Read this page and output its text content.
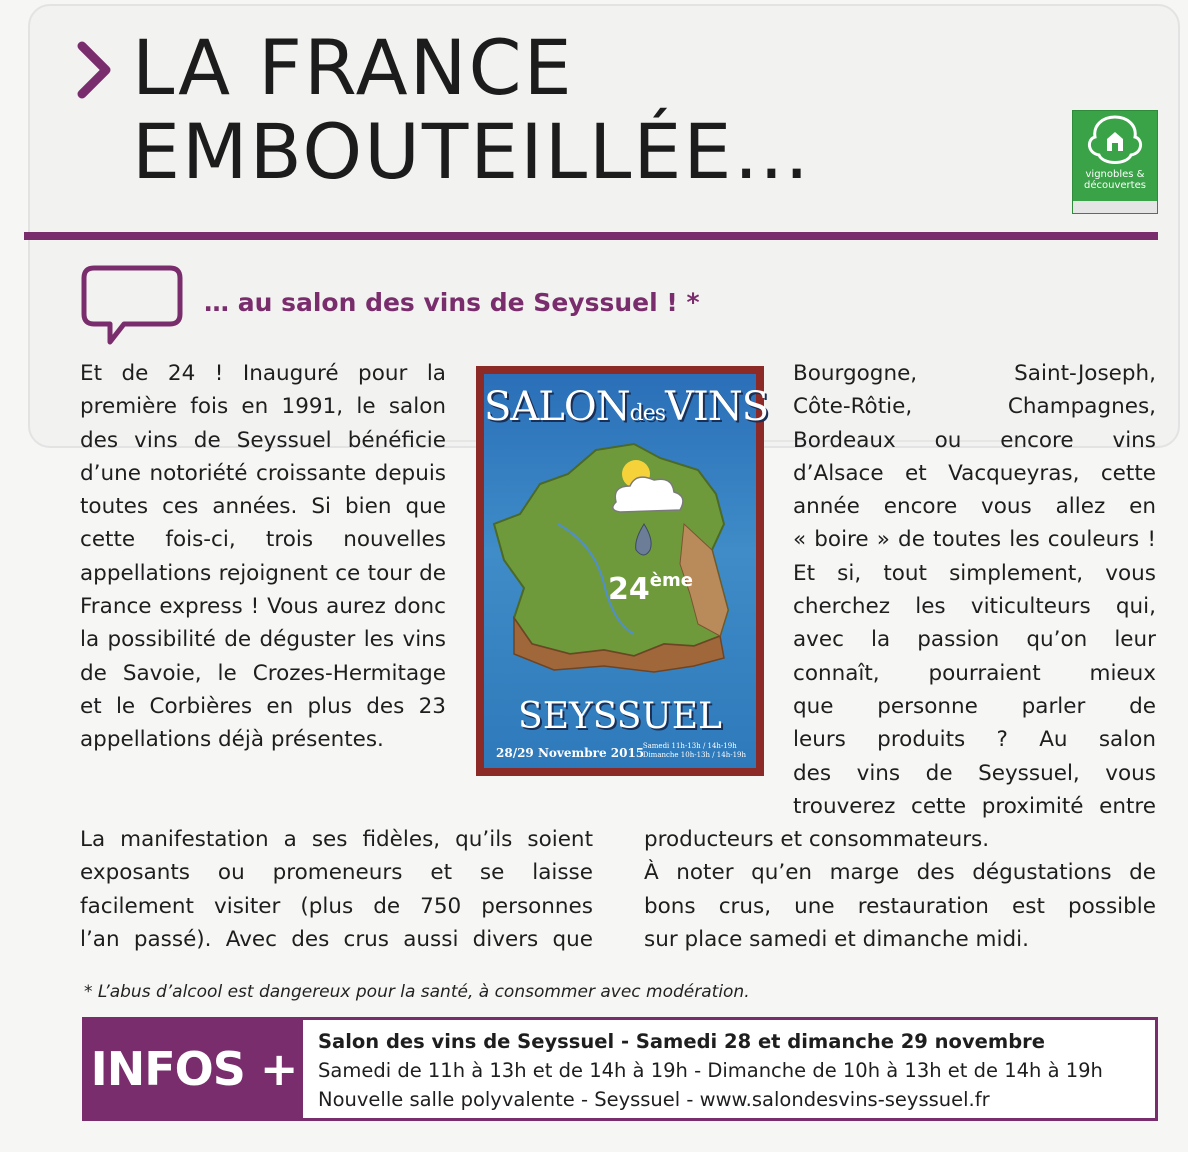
LA FRANCE
EMBOUTEILLÉE…	vignobles &
découvertes
… au salon des vins de Seyssuel ! *

Et de 24 ! Inauguré pour la première fois en 1991, le salon des vins de Seyssuel bénéficie d’une notoriété croissante depuis toutes ces années. Si bien que cette fois-ci, trois nouvelles appellations rejoignent ce tour de France express ! Vous aurez donc la possibilité de déguster les vins de Savoie, le Crozes-Hermitage et le Corbières en plus des 23 appellations déjà présentes.

La manifestation a ses fidèles, qu’ils soient
exposants ou promeneurs et se laisse
facilement visiter (plus de 750 personnes
l’an passé). Avec des crus aussi divers que
Bourgogne, Saint-Joseph,
Côte-Rôtie, Champagnes,
Bordeaux ou encore vins
d’Alsace et Vacqueyras, cette
année encore vous allez en
« boire » de toutes les couleurs !
Et si, tout simplement, vous
cherchez les viticulteurs qui,
avec la passion qu’on leur
connaît, pourraient mieux
que personne parler de
leurs produits ? Au salon
des vins de Seyssuel, vous
trouverez cette proximité entre
producteurs et consommateurs.
À noter qu’en marge des dégustations de
bons crus, une restauration est possible
sur place samedi et dimanche midi.
SALONdesVINS
24ème
SEYSSUEL
28/29 Novembre 2015
Samedi 11h-13h / 14h-19h
Dimanche 10h-13h / 14h-19h
* L’abus d’alcool est dangereux pour la santé, à consommer avec modération.
INFOS +
Salon des vins de Seyssuel - Samedi 28 et dimanche 29 novembre
Samedi de 11h à 13h et de 14h à 19h - Dimanche de 10h à 13h et de 14h à 19h
Nouvelle salle polyvalente - Seyssuel - www.salondesvins-seyssuel.fr
